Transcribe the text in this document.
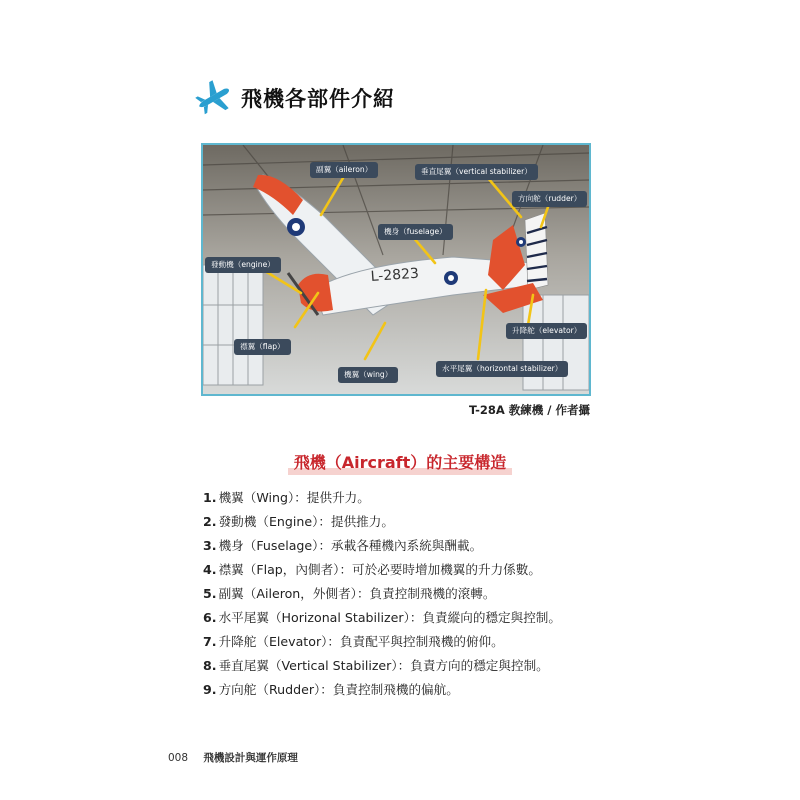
飛機各部件介紹
L-2823
副翼（aileron）	垂直尾翼（vertical stabilizer）
方向舵（rudder）
機身（fuselage）
發動機（engine）
升降舵（elevator）
襟翼（flap）
機翼（wing）
水平尾翼（horizontal stabilizer）
T-28A 教練機 / 作者攝
飛機（Aircraft）的主要構造
1. 機翼（Wing）：提供升力。
2. 發動機（Engine）：提供推力。
3. 機身（Fuselage）：承載各種機內系統與酬載。
4. 襟翼（Flap，內側者）：可於必要時增加機翼的升力係數。
5. 副翼（Aileron，外側者）：負責控制飛機的滾轉。
6. 水平尾翼（Horizonal Stabilizer）：負責縱向的穩定與控制。
7. 升降舵（Elevator）：負責配平與控制飛機的俯仰。
8. 垂直尾翼（Vertical Stabilizer）：負責方向的穩定與控制。
9. 方向舵（Rudder）：負責控制飛機的偏航。
008 飛機設計與運作原理
